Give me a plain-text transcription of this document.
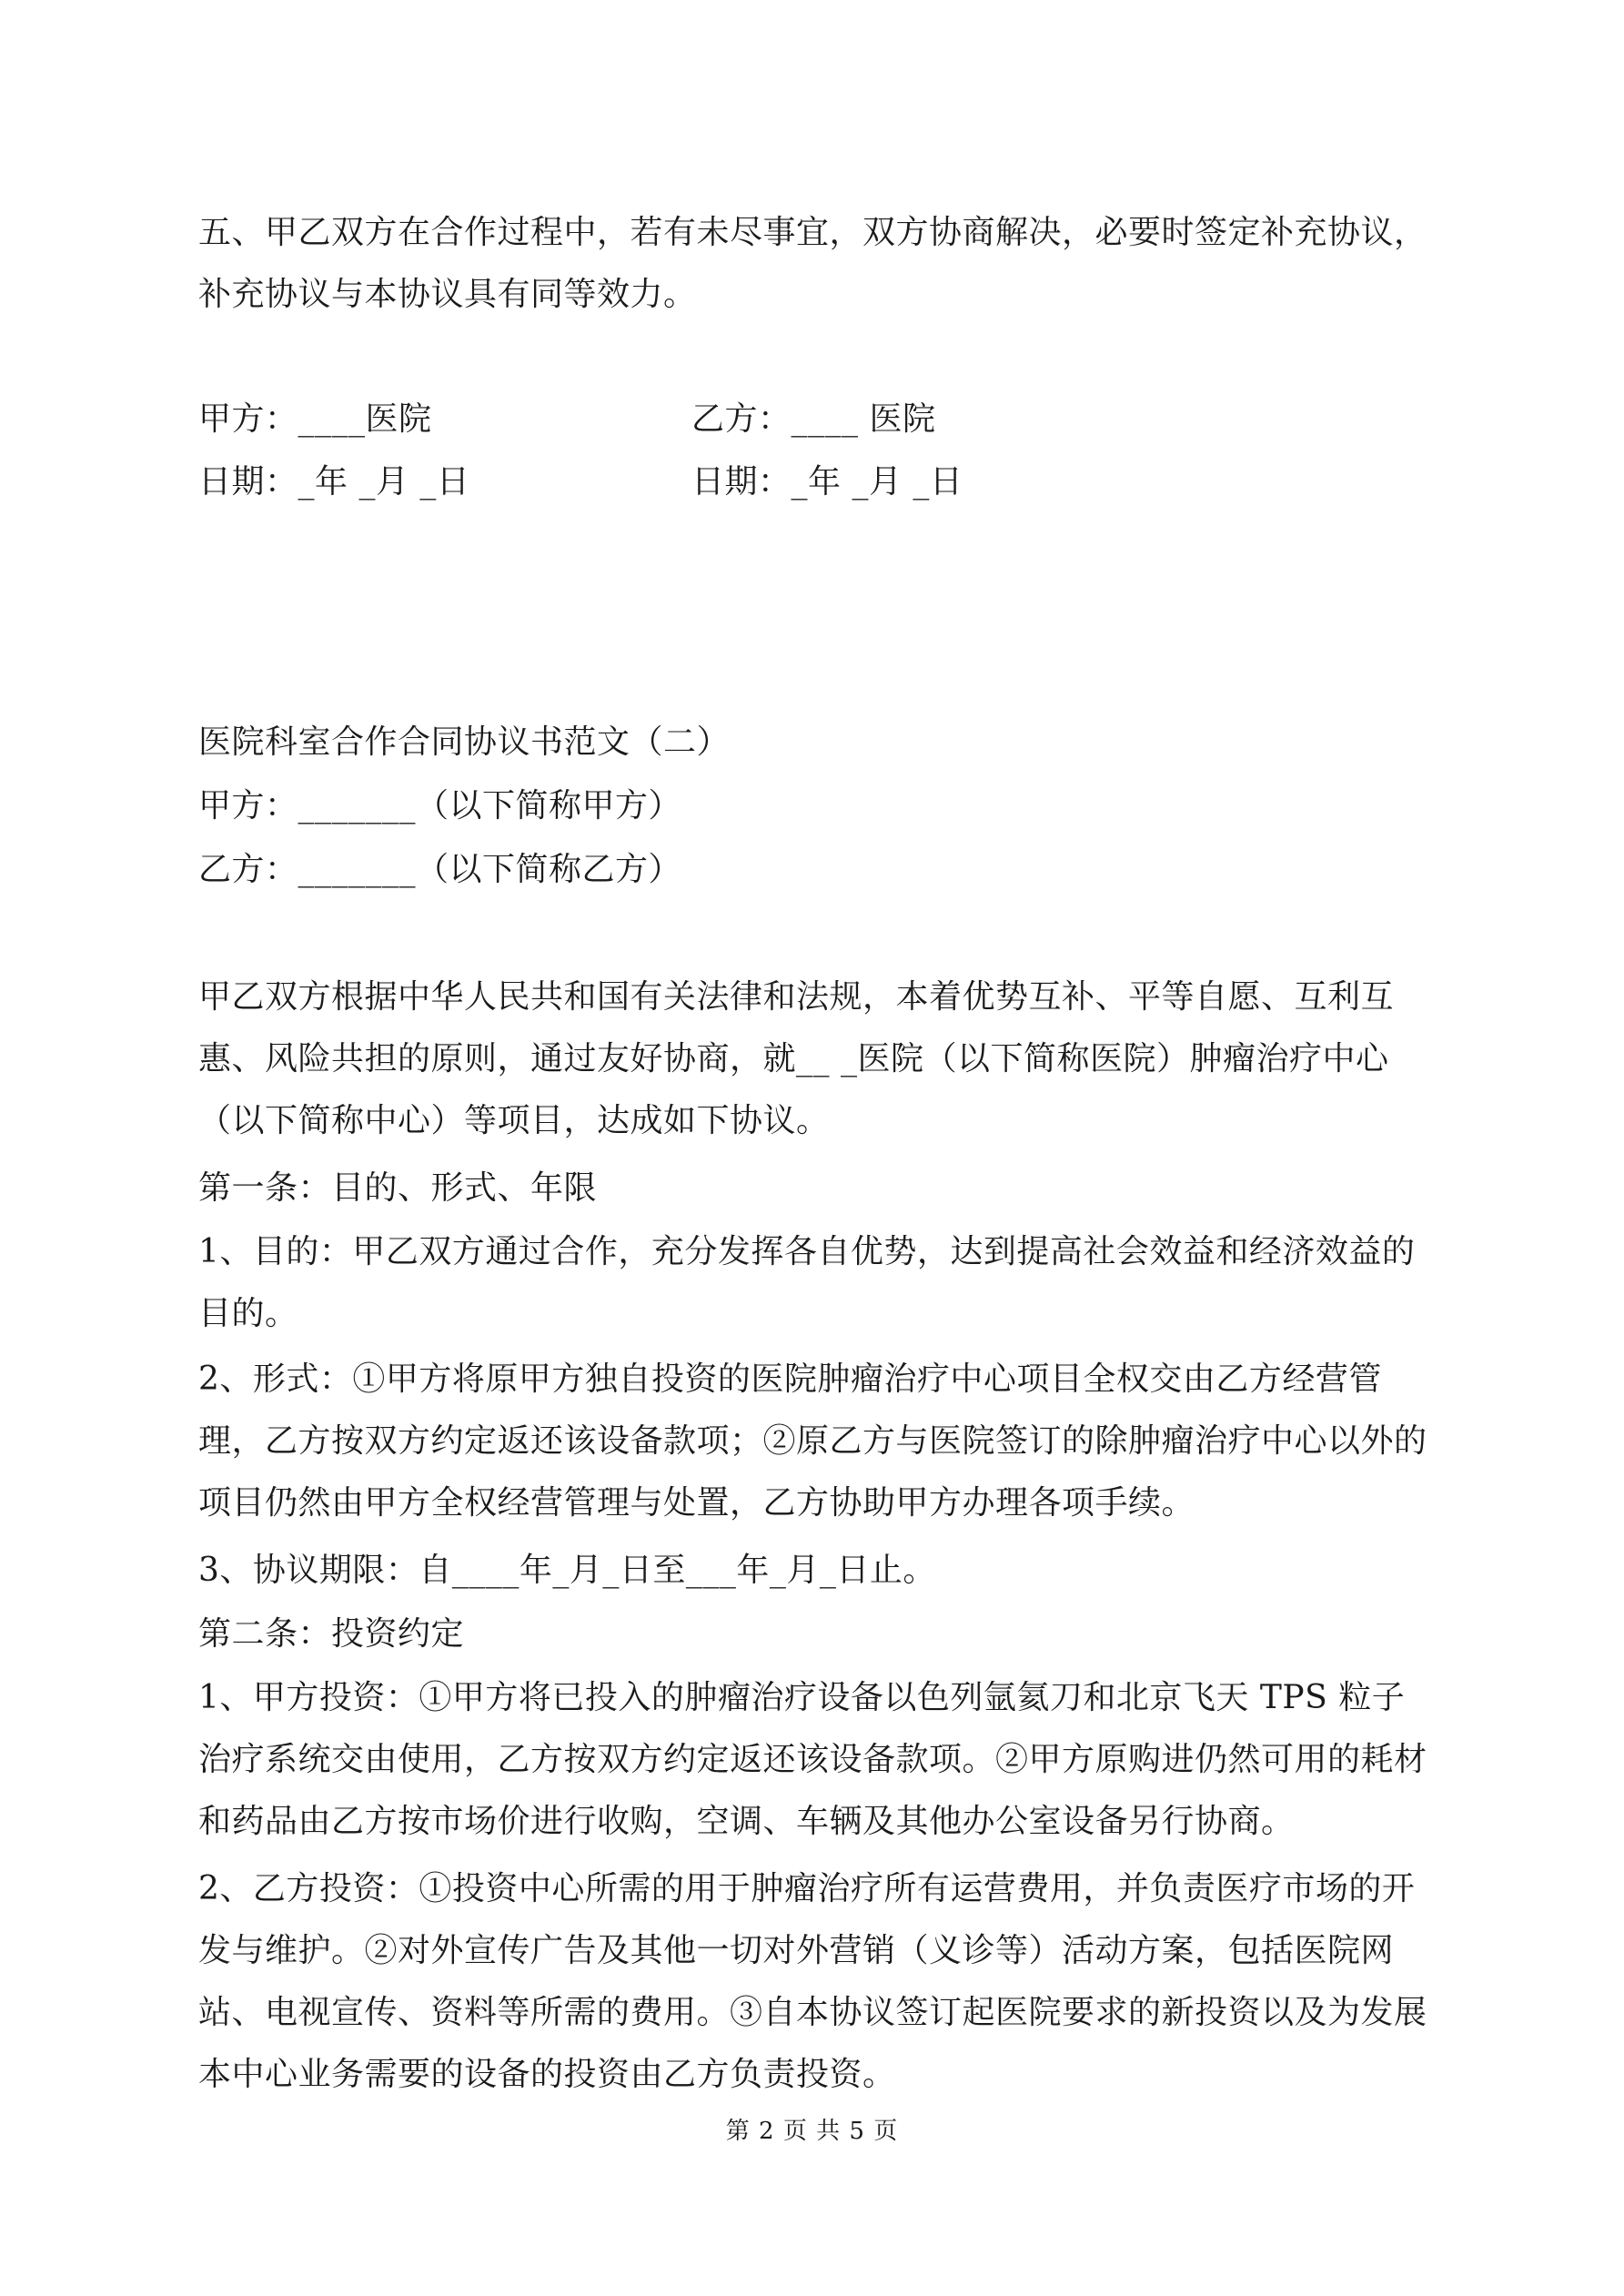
五、甲乙双方在合作过程中，若有未尽事宜，双方协商解决，必要时签定补充协议，补充协议与本协议具有同等效力。

甲方：____医院	乙方：____ 医院

日期：_年 _月 _日	日期：_年 _月 _日

医院科室合作合同协议书范文（二）

甲方：_______（以下简称甲方）

乙方：_______（以下简称乙方）

甲乙双方根据中华人民共和国有关法律和法规，本着优势互补、平等自愿、互利互惠、风险共担的原则，通过友好协商，就__ _医院（以下简称医院）肿瘤治疗中心（以下简称中心）等项目，达成如下协议。

第一条：目的、形式、年限

1、目的：甲乙双方通过合作，充分发挥各自优势，达到提高社会效益和经济效益的目的。

2、形式：①甲方将原甲方独自投资的医院肿瘤治疗中心项目全权交由乙方经营管理，乙方按双方约定返还该设备款项；②原乙方与医院签订的除肿瘤治疗中心以外的项目仍然由甲方全权经营管理与处置，乙方协助甲方办理各项手续。

3、协议期限：自____年_月_日至___年_月_日止。

第二条：投资约定

1、甲方投资：①甲方将已投入的肿瘤治疗设备以色列氩氦刀和北京飞天 TPS 粒子治疗系统交由使用，乙方按双方约定返还该设备款项。②甲方原购进仍然可用的耗材和药品由乙方按市场价进行收购，空调、车辆及其他办公室设备另行协商。

2、乙方投资：①投资中心所需的用于肿瘤治疗所有运营费用，并负责医疗市场的开发与维护。②对外宣传广告及其他一切对外营销（义诊等）活动方案，包括医院网站、电视宣传、资料等所需的费用。③自本协议签订起医院要求的新投资以及为发展本中心业务需要的设备的投资由乙方负责投资。

第 2 页 共 5 页
